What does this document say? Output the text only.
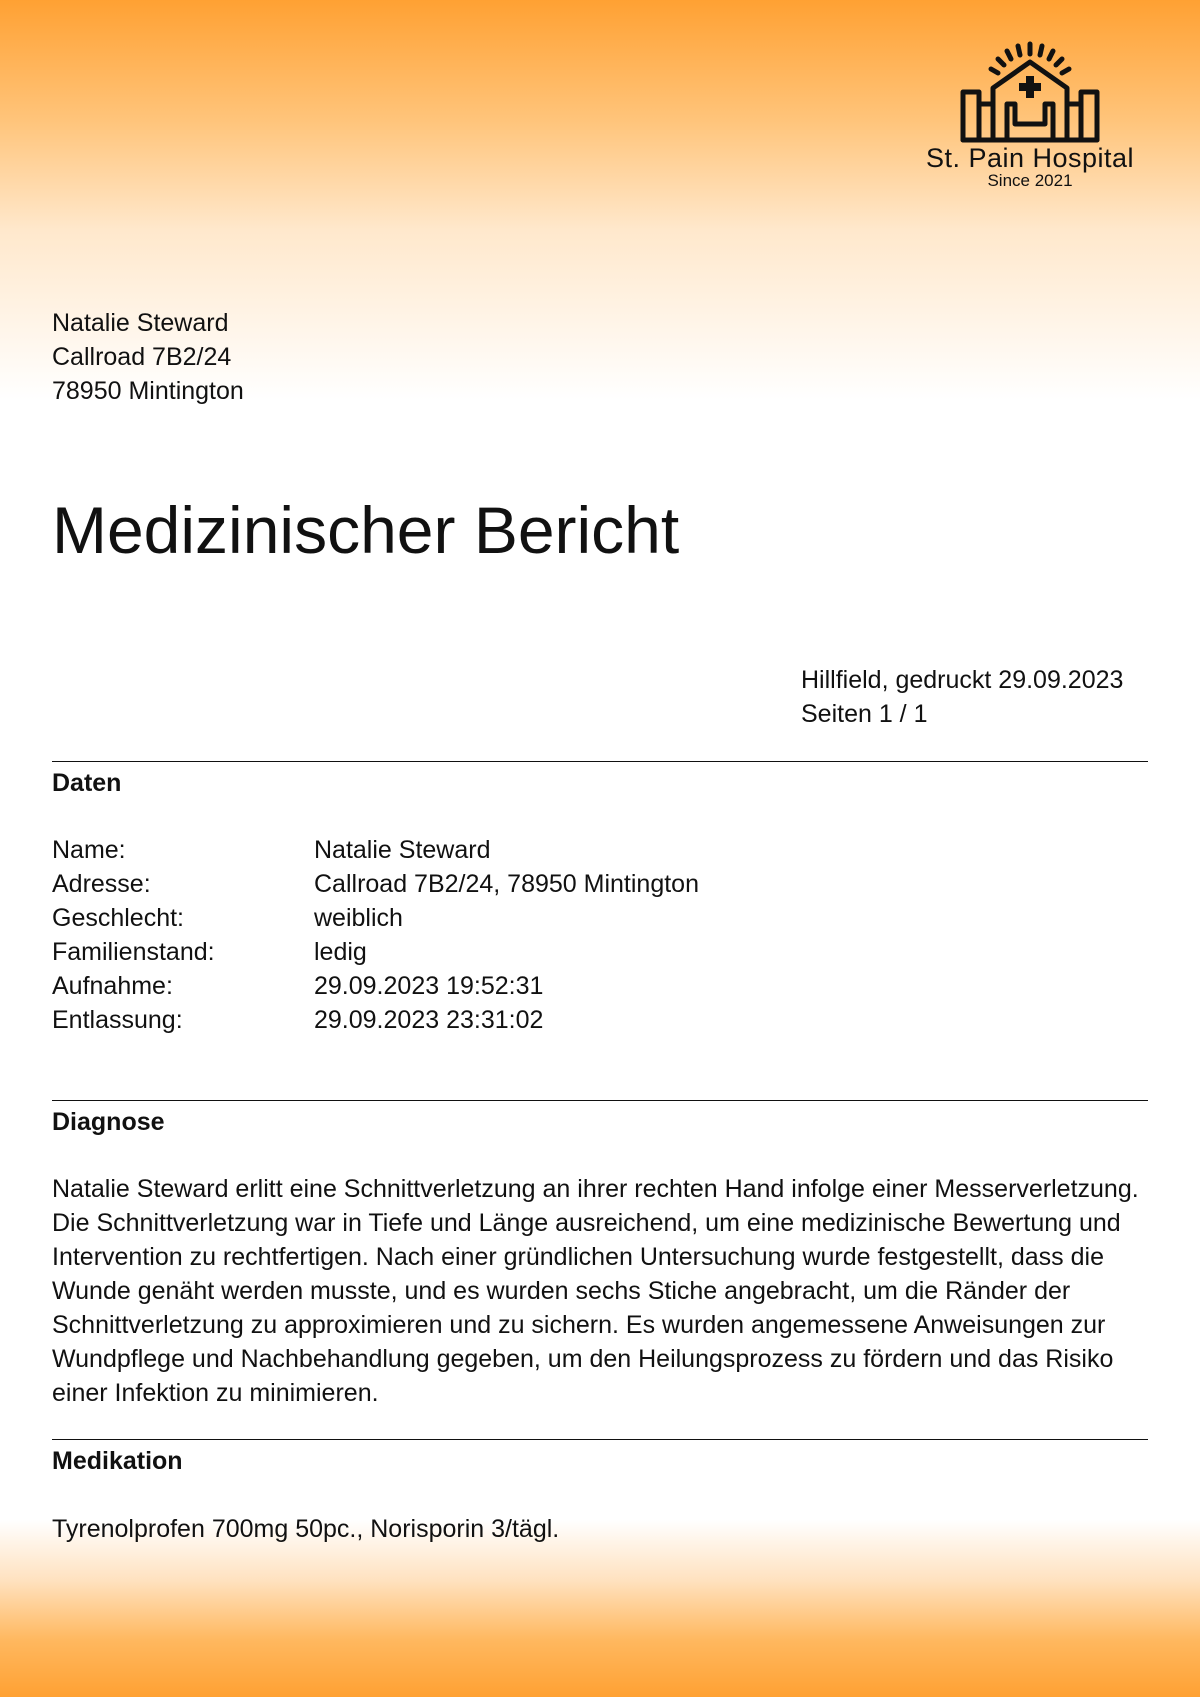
St. Pain Hospital
Since 2021
Natalie Steward
Callroad 7B2/24
78950 Mintington
Medizinischer Bericht
Hillfield, gedruckt 29.09.2023
Seiten 1 / 1
Daten
Name:	Natalie Steward
Adresse:	Callroad 7B2/24, 78950 Mintington
Geschlecht:	weiblich
Familienstand:	ledig
Aufnahme:	29.09.2023 19:52:31
Entlassung:	29.09.2023 23:31:02
Diagnose

Natalie Steward erlitt eine Schnittverletzung an ihrer rechten Hand infolge einer Messerverletzung. Die Schnittverletzung war in Tiefe und Länge ausreichend, um eine medizinische Bewertung und Intervention zu rechtfertigen. Nach einer gründlichen Untersuchung wurde festgestellt, dass die Wunde genäht werden musste, und es wurden sechs Stiche angebracht, um die Ränder der Schnittverletzung zu approximieren und zu sichern. Es wurden angemessene Anweisungen zur Wundpflege und Nachbehandlung gegeben, um den Heilungsprozess zu fördern und das Risiko einer Infektion zu minimieren.

Medikation
Tyrenolprofen 700mg 50pc., Norisporin 3/tägl.
